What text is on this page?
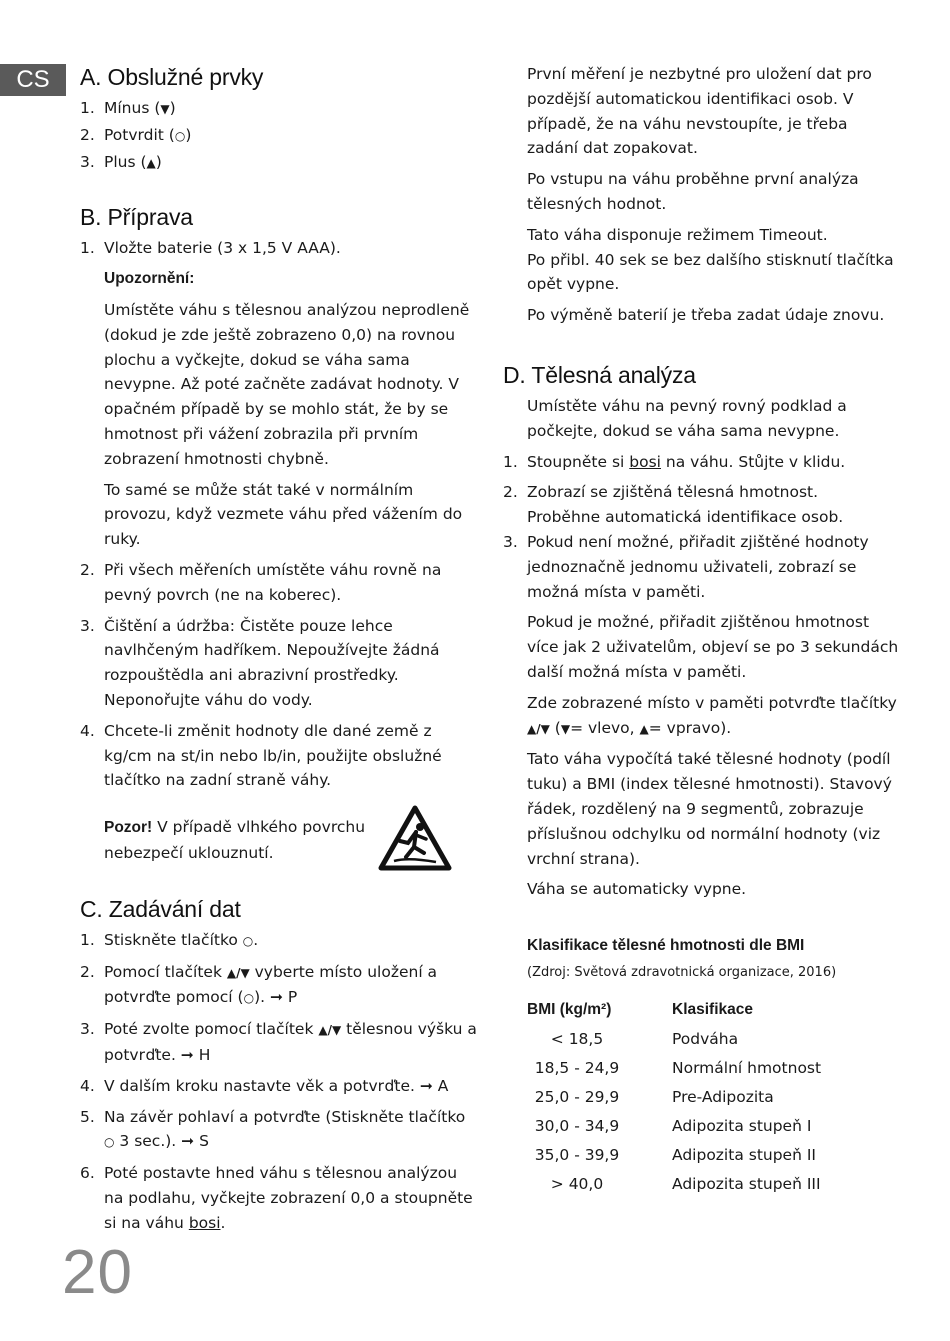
CS	A. Obslužné prvky
1. Mínus (▼)
2. Potvrdit (○)
3. Plus (▲)
B. Příprava
1. Vložte baterie (3 x 1,5 V AAA).
Upozornění:
Umístěte váhu s tělesnou analýzou neprodleně (dokud je zde ještě zobrazeno 0,0) na rovnou plochu a vyčkejte, dokud se váha sama nevypne. Až poté začněte zadávat hodnoty. V opačném případě by se mohlo stát, že by se hmotnost při vážení zobrazila při prvním zobrazení hmotnosti chybně.
To samé se může stát také v normálním provozu, když vezmete váhu před vážením do ruky.
2. Při všech měřeních umístěte váhu rovně na pevný povrch (ne na koberec).
3. Čištění a údržba: Čistěte pouze lehce navlhčeným hadříkem. Nepoužívejte žádná rozpouštědla ani abrazivní prostředky. Neponořujte váhu do vody.
4. Chcete-li změnit hodnoty dle dané země z kg/cm na st/in nebo lb/in, použijte obslužné tlačítko na zadní straně váhy.
Pozor! V případě vlhkého povrchu nebezpečí uklouznutí.
C. Zadávání dat
1. Stiskněte tlačítko ○.
2. Pomocí tlačítek ▲/▼ vyberte místo uložení a potvrďte pomocí (○). ➞ P
3. Poté zvolte pomocí tlačítek ▲/▼ tělesnou výšku a potvrďte. ➞ H
4. V dalším kroku nastavte věk a potvrďte. ➞ A
5. Na závěr pohlaví a potvrďte (Stiskněte tlačítko ○ 3 sec.). ➞ S
6. Poté postavte hned váhu s tělesnou analýzou na podlahu, vyčkejte zobrazení 0,0 a stoupněte si na váhu bosi.
První měření je nezbytné pro uložení dat pro pozdější automatickou identifikaci osob. V případě, že na váhu nevstoupíte, je třeba zadání dat zopakovat.
Po vstupu na váhu proběhne první analýza tělesných hodnot.
Tato váha disponuje režimem Timeout.
Po přibl. 40 sek se bez dalšího stisknutí tlačítka opět vypne.
Po výměně baterií je třeba zadat údaje znovu.
D. Tělesná analýza
Umístěte váhu na pevný rovný podklad a počkejte, dokud se váha sama nevypne.
1. Stoupněte si bosi na váhu. Stůjte v klidu.
2. Zobrazí se zjištěná tělesná hmotnost.
Proběhne automatická identifikace osob.
3. Pokud není možné, přiřadit zjištěné hodnoty jednoznačně jednomu uživateli, zobrazí se možná místa v paměti.
Pokud je možné, přiřadit zjištěnou hmotnost více jak 2 uživatelům, objeví se po 3 sekundách další možná místa v paměti.
Zde zobrazené místo v paměti potvrďte tlačítky ▲/▼ (▼= vlevo, ▲= vpravo).
Tato váha vypočítá také tělesné hodnoty (podíl tuku) a BMI (index tělesné hmotnosti). Stavový řádek, rozdělený na 9 segmentů, zobrazuje příslušnou odchylku od normální hodnoty (viz vrchní strana).
Váha se automaticky vypne.
Klasifikace tělesné hmotnosti dle BMI
(Zdroj: Světová zdravotnická organizace, 2016)
BMI (kg/m²)	Klasifikace
< 18,5	Podváha
18,5 - 24,9	Normální hmotnost
25,0 - 29,9	Pre-Adipozita
30,0 - 34,9	Adipozita stupeň I
35,0 - 39,9	Adipozita stupeň II
> 40,0	Adipozita stupeň III
20
